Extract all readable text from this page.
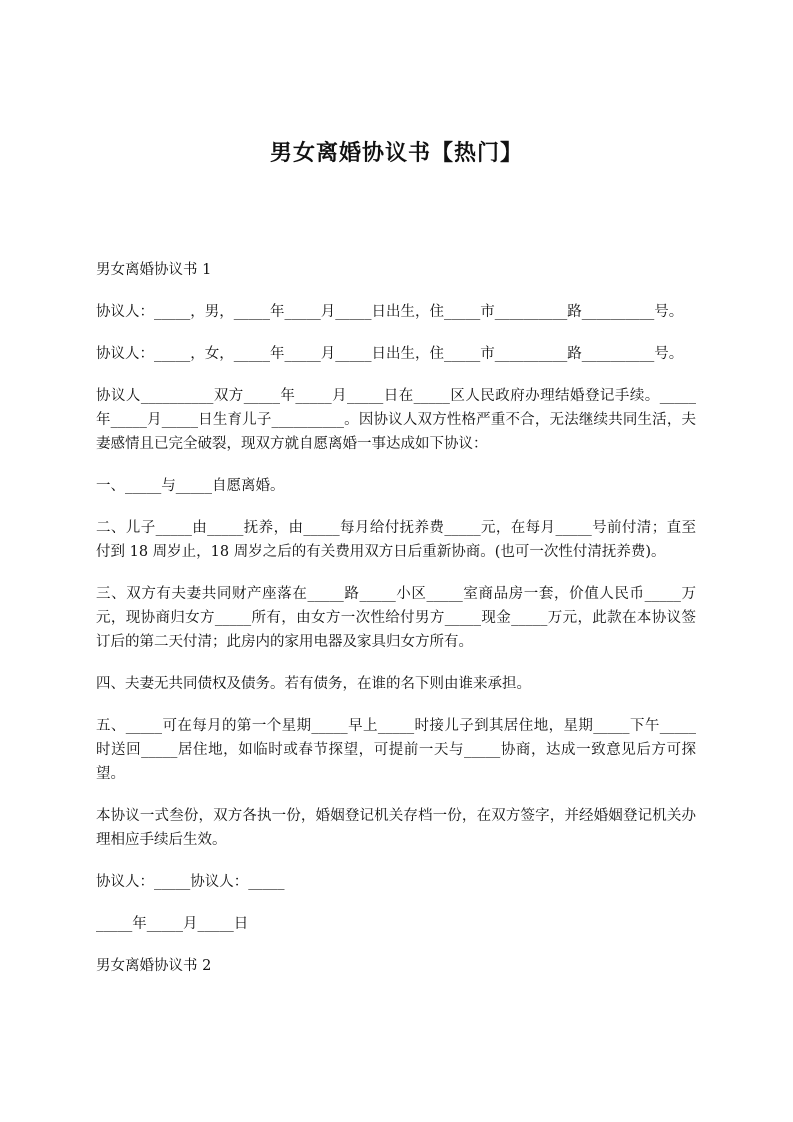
男女离婚协议书【热门】

男女离婚协议书 1

协议人：_____，男，_____年_____月_____日出生，住_____市__________路__________号。

协议人：_____，女，_____年_____月_____日出生，住_____市__________路__________号。

协议人__________双方_____年_____月_____日在_____区人民政府办理结婚登记手续。_____年_____月_____日生育儿子__________。因协议人双方性格严重不合，无法继续共同生活，夫妻感情且已完全破裂，现双方就自愿离婚一事达成如下协议：

一、_____与_____自愿离婚。

二、儿子_____由_____抚养，由_____每月给付抚养费_____元，在每月_____号前付清；直至付到 18 周岁止，18 周岁之后的有关费用双方日后重新协商。(也可一次性付清抚养费)。

三、双方有夫妻共同财产座落在_____路_____小区_____室商品房一套，价值人民币_____万元，现协商归女方_____所有，由女方一次性给付男方_____现金_____万元，此款在本协议签订后的第二天付清；此房内的家用电器及家具归女方所有。

四、夫妻无共同债权及债务。若有债务，在谁的名下则由谁来承担。

五、_____可在每月的第一个星期_____早上_____时接儿子到其居住地，星期_____下午_____时送回_____居住地，如临时或春节探望，可提前一天与_____协商，达成一致意见后方可探望。

本协议一式叁份，双方各执一份，婚姻登记机关存档一份，在双方签字，并经婚姻登记机关办理相应手续后生效。

协议人：_____协议人：_____

_____年_____月_____日

男女离婚协议书 2
